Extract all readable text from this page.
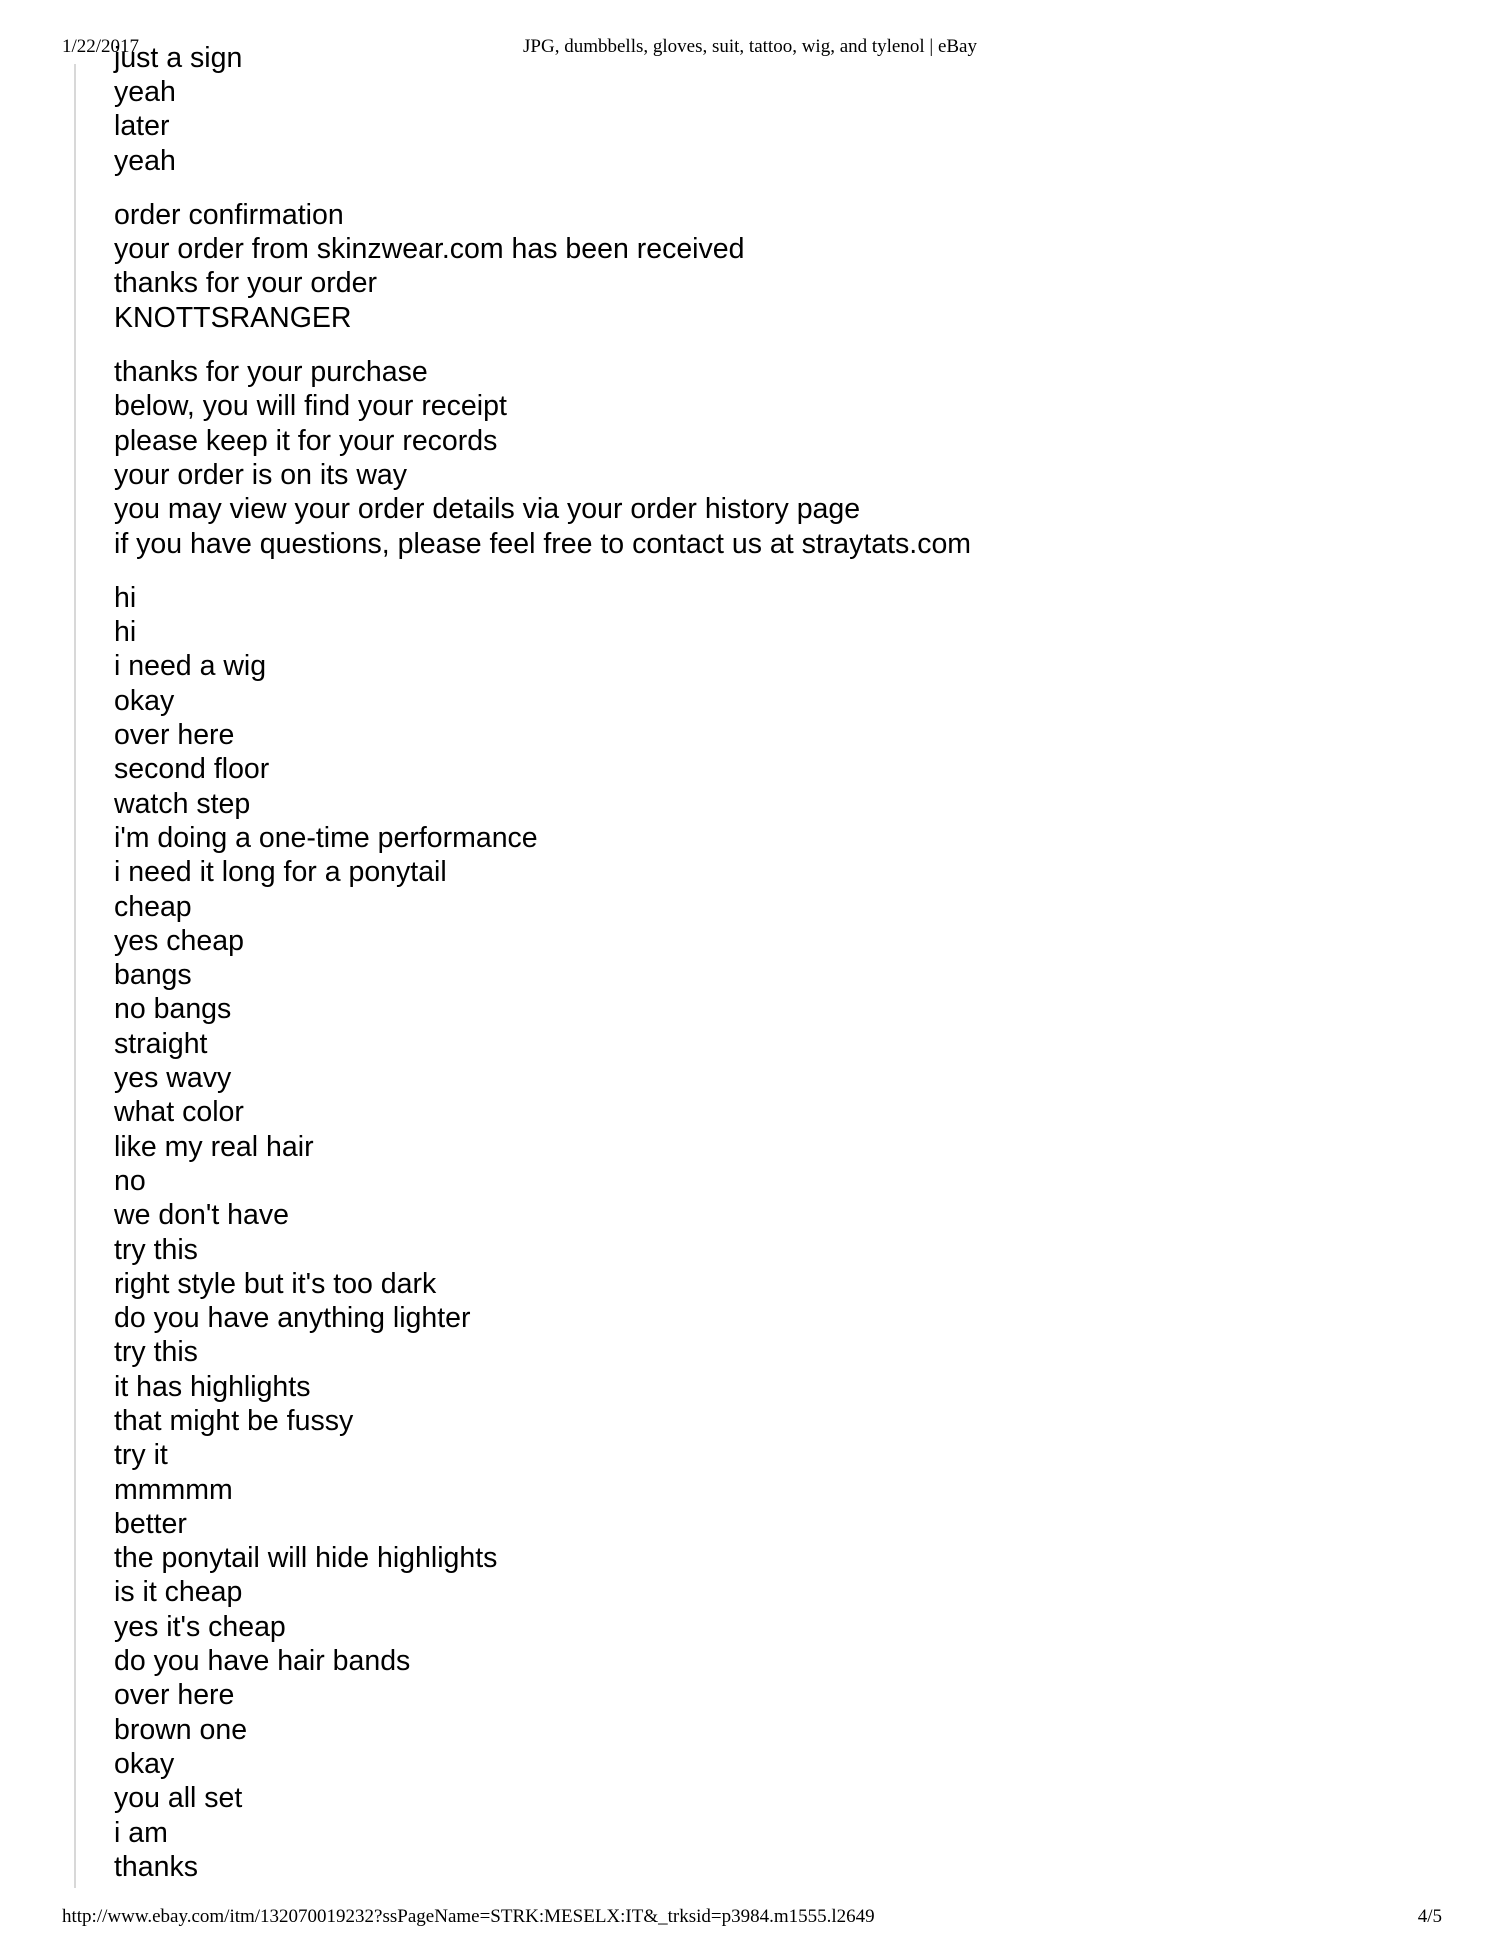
1/22/2017	JPG, dumbbells, gloves, suit, tattoo, wig, and tylenol | eBay
just a sign
yeah
later
yeah
order confirmation
your order from skinzwear.com has been received
thanks for your order
KNOTTSRANGER
thanks for your purchase
below, you will find your receipt
please keep it for your records
your order is on its way
you may view your order details via your order history page
if you have questions, please feel free to contact us at straytats.com
hi
hi
i need a wig
okay
over here
second floor
watch step
i'm doing a one-time performance
i need it long for a ponytail
cheap
yes cheap
bangs
no bangs
straight
yes wavy
what color
like my real hair
no
we don't have
try this
right style but it's too dark
do you have anything lighter
try this
it has highlights
that might be fussy
try it
mmmmm
better
the ponytail will hide highlights
is it cheap
yes it's cheap
do you have hair bands
over here
brown one
okay
you all set
i am
thanks
http://www.ebay.com/itm/132070019232?ssPageName=STRK:MESELX:IT&_trksid=p3984.m1555.l2649	4/5
